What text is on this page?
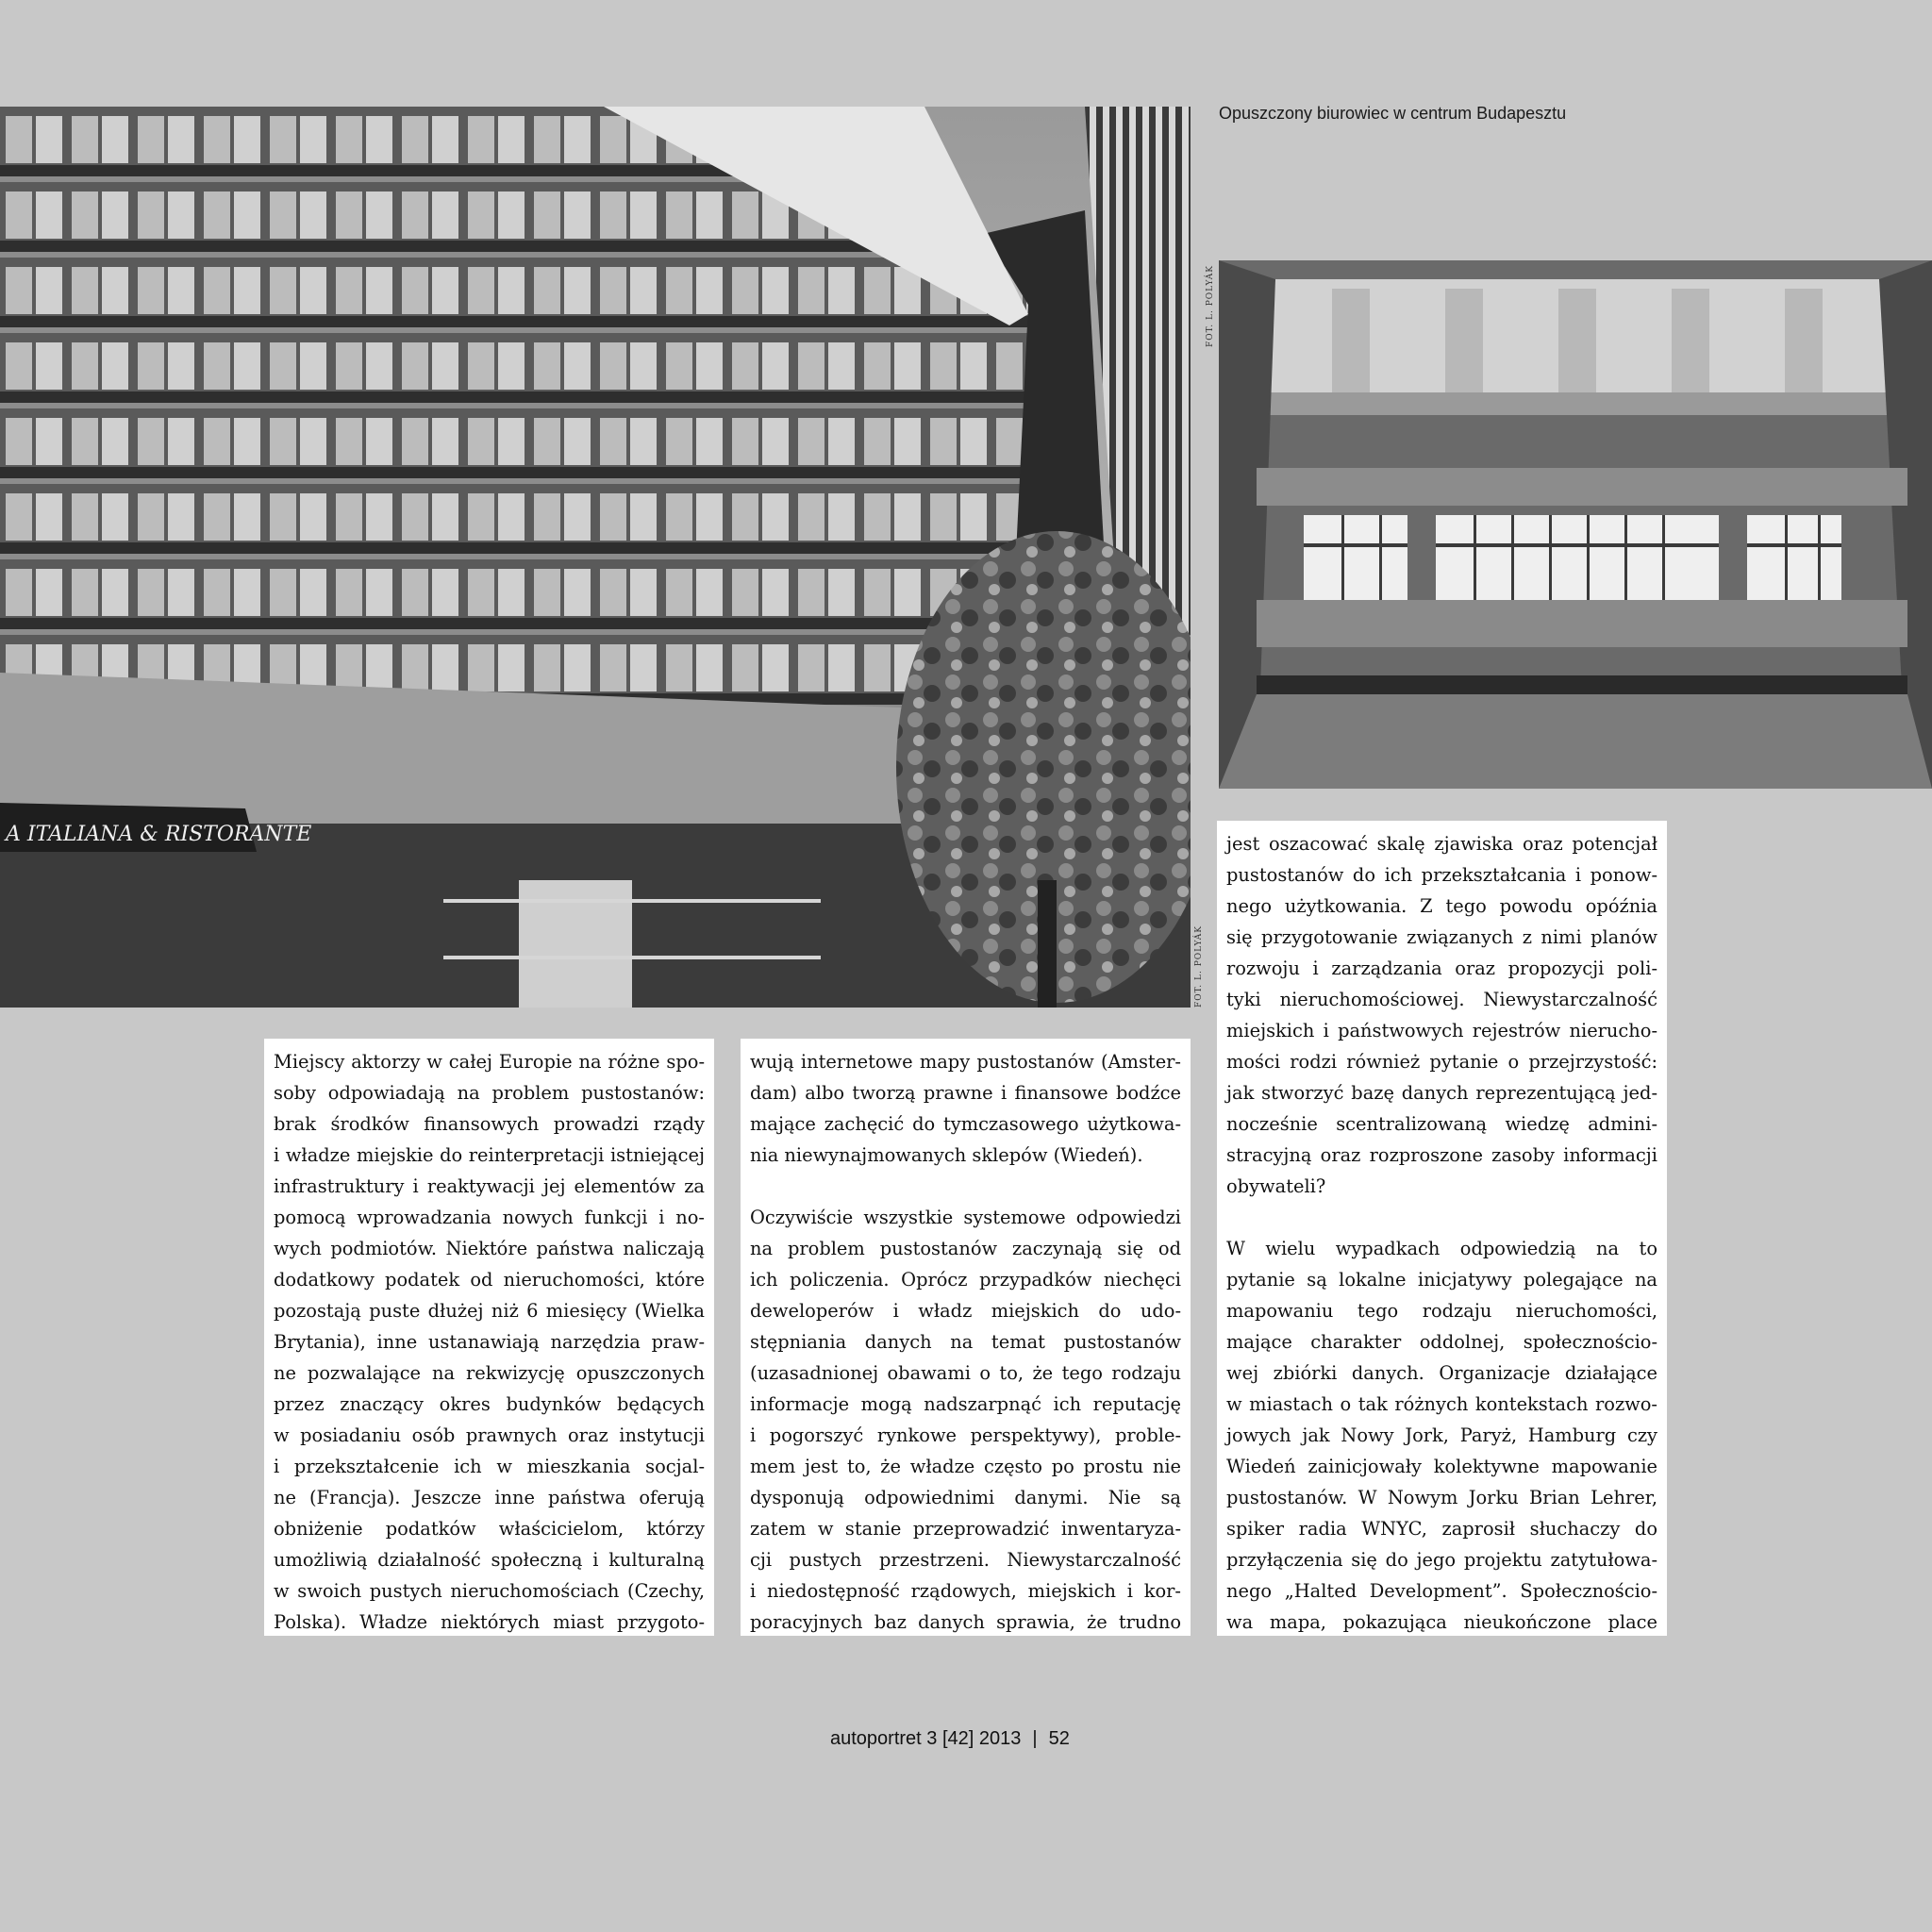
A ITALIANA & RISTORANTE
FOT. L. POLYÁK
Opuszczony biurowiec w centrum Budapesztu
FOT. L. POLYÁK
Miejscy aktorzy w całej Europie na różne spo-
soby odpowiadają na problem pustostanów:
brak środków finansowych prowadzi rządy
i władze miejskie do reinterpretacji istniejącej
infrastruktury i reaktywacji jej elementów za
pomocą wprowadzania nowych funkcji i no-
wych podmiotów. Niektóre państwa naliczają
dodatkowy podatek od nieruchomości, które
pozostają puste dłużej niż 6 miesięcy (Wielka
Brytania), inne ustanawiają narzędzia praw-
ne pozwalające na rekwizycję opuszczonych
przez znaczący okres budynków będących
w posiadaniu osób prawnych oraz instytucji
i przekształcenie ich w mieszkania socjal-
ne (Francja). Jeszcze inne państwa oferują
obniżenie podatków właścicielom, którzy
umożliwią działalność społeczną i kulturalną
w swoich pustych nieruchomościach (Czechy,
Polska). Władze niektórych miast przygoto-
wują internetowe mapy pustostanów (Amster-
dam) albo tworzą prawne i finansowe bodźce
mające zachęcić do tymczasowego użytkowa-
nia niewynajmowanych sklepów (Wiedeń).
Oczywiście wszystkie systemowe odpowiedzi
na problem pustostanów zaczynają się od
ich policzenia. Oprócz przypadków niechęci
deweloperów i władz miejskich do udo-
stępniania danych na temat pustostanów
(uzasadnionej obawami o to, że tego rodzaju
informacje mogą nadszarpnąć ich reputację
i pogorszyć rynkowe perspektywy), proble-
mem jest to, że władze często po prostu nie
dysponują odpowiednimi danymi. Nie są
zatem w stanie przeprowadzić inwentaryza-
cji pustych przestrzeni. Niewystarczalność
i niedostępność rządowych, miejskich i kor-
poracyjnych baz danych sprawia, że trudno
jest oszacować skalę zjawiska oraz potencjał
pustostanów do ich przekształcania i ponow-
nego użytkowania. Z tego powodu opóźnia
się przygotowanie związanych z nimi planów
rozwoju i zarządzania oraz propozycji poli-
tyki nieruchomościowej. Niewystarczalność
miejskich i państwowych rejestrów nierucho-
mości rodzi również pytanie o przejrzystość:
jak stworzyć bazę danych reprezentującą jed-
nocześnie scentralizowaną wiedzę admini-
stracyjną oraz rozproszone zasoby informacji
obywateli?
W wielu wypadkach odpowiedzią na to
pytanie są lokalne inicjatywy polegające na
mapowaniu tego rodzaju nieruchomości,
mające charakter oddolnej, społecznościo-
wej zbiórki danych. Organizacje działające
w miastach o tak różnych kontekstach rozwo-
jowych jak Nowy Jork, Paryż, Hamburg czy
Wiedeń zainicjowały kolektywne mapowanie
pustostanów. W Nowym Jorku Brian Lehrer,
spiker radia WNYC, zaprosił słuchaczy do
przyłączenia się do jego projektu zatytułowa-
nego „Halted Development”. Społecznościo-
wa mapa, pokazująca nieukończone place
autoportret 3 [42] 2013 | 52
